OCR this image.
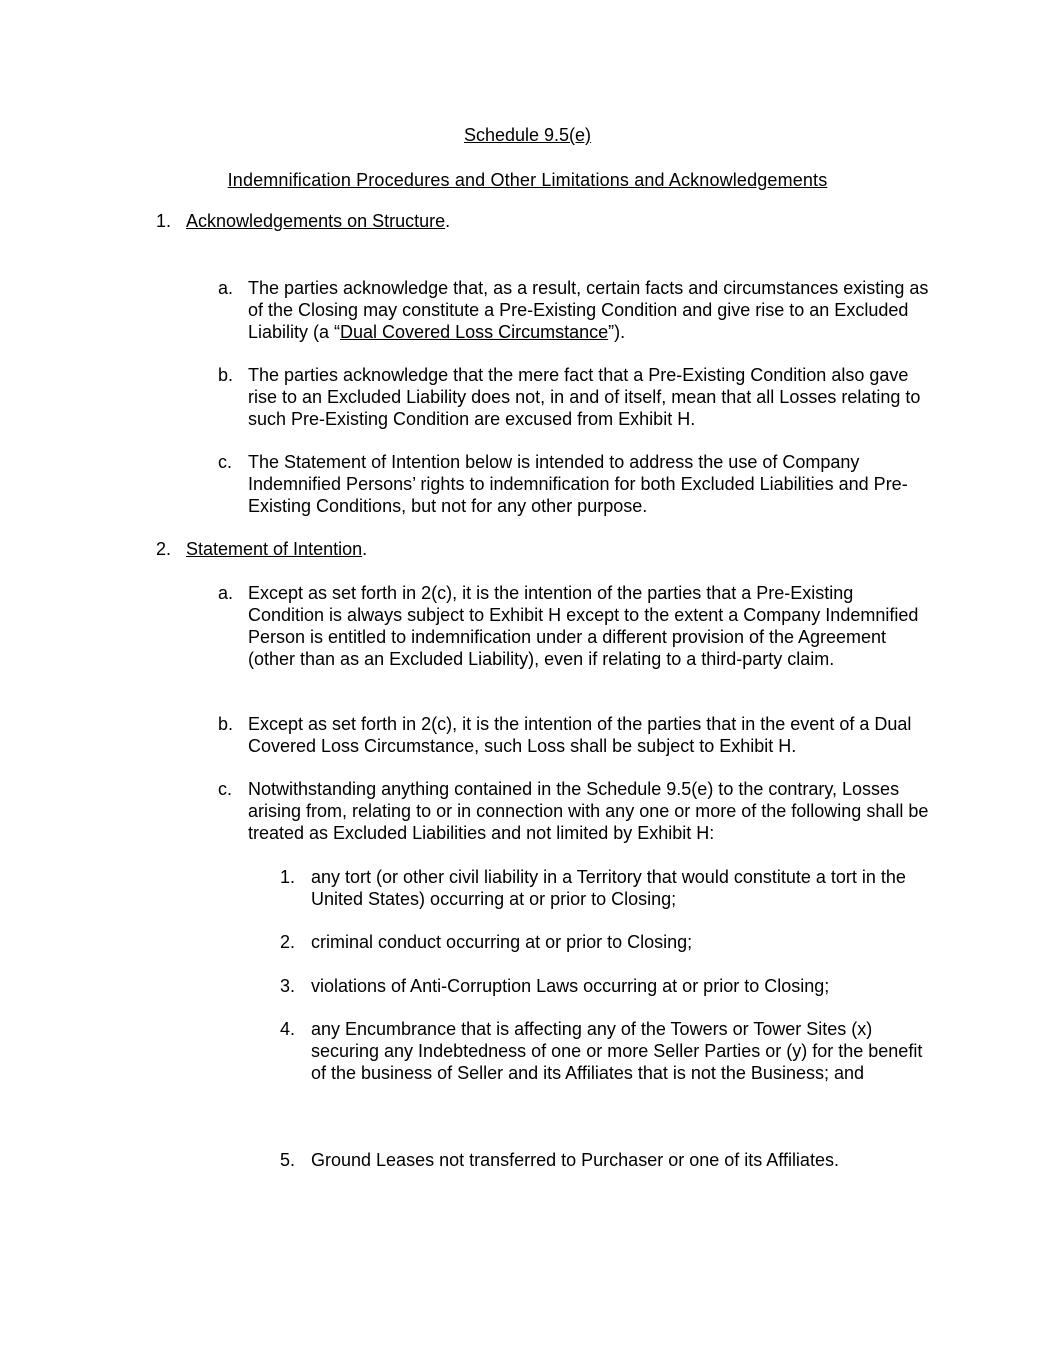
Schedule 9.5(e)
Indemnification Procedures and Other Limitations and Acknowledgements
1. Acknowledgements on Structure.
a. The parties acknowledge that, as a result, certain facts and circumstances existing as of the Closing may constitute a Pre-Existing Condition and give rise to an Excluded Liability (a “Dual Covered Loss Circumstance”).
b. The parties acknowledge that the mere fact that a Pre-Existing Condition also gave rise to an Excluded Liability does not, in and of itself, mean that all Losses relating to such Pre-Existing Condition are excused from Exhibit H.
c. The Statement of Intention below is intended to address the use of Company Indemnified Persons’ rights to indemnification for both Excluded Liabilities and Pre-Existing Conditions, but not for any other purpose.
2. Statement of Intention.
a. Except as set forth in 2(c), it is the intention of the parties that a Pre-Existing Condition is always subject to Exhibit H except to the extent a Company Indemnified Person is entitled to indemnification under a different provision of the Agreement (other than as an Excluded Liability), even if relating to a third-party claim.
b. Except as set forth in 2(c), it is the intention of the parties that in the event of a Dual Covered Loss Circumstance, such Loss shall be subject to Exhibit H.
c. Notwithstanding anything contained in the Schedule 9.5(e) to the contrary, Losses arising from, relating to or in connection with any one or more of the following shall be treated as Excluded Liabilities and not limited by Exhibit H:
1. any tort (or other civil liability in a Territory that would constitute a tort in the United States) occurring at or prior to Closing;
2. criminal conduct occurring at or prior to Closing;
3. violations of Anti-Corruption Laws occurring at or prior to Closing;
4. any Encumbrance that is affecting any of the Towers or Tower Sites (x) securing any Indebtedness of one or more Seller Parties or (y) for the benefit of the business of Seller and its Affiliates that is not the Business; and
5. Ground Leases not transferred to Purchaser or one of its Affiliates.
